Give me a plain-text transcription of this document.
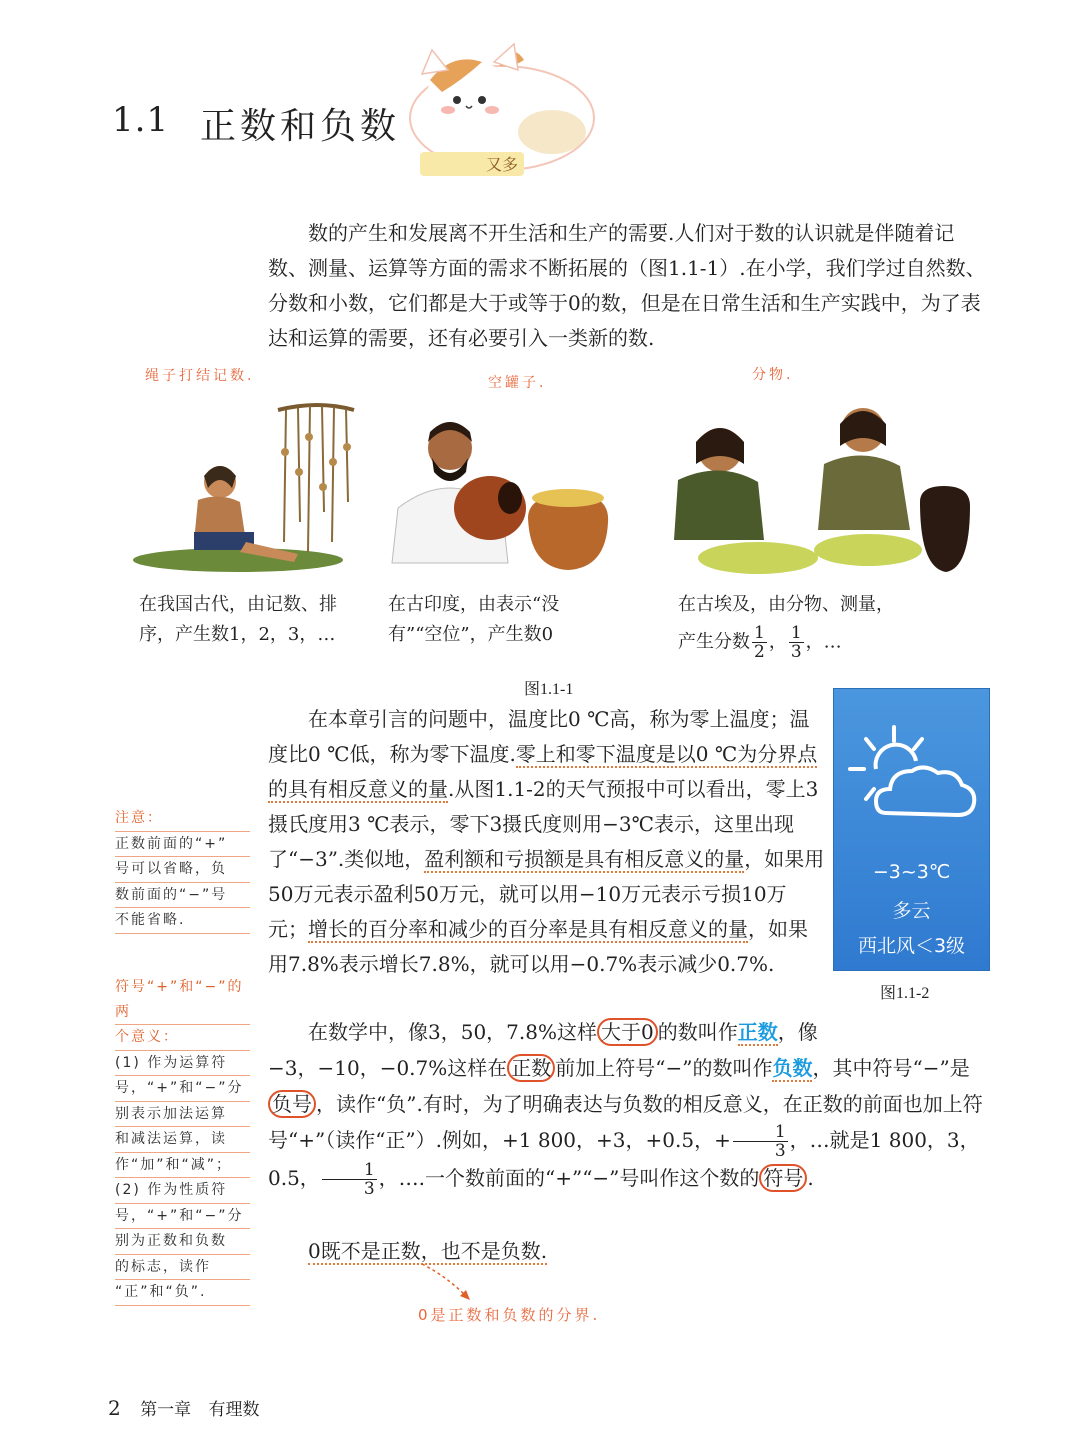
1.1 正数和负数
又多

数的产生和发展离不开生活和生产的需要.人们对于数的认识就是伴随着记数、测量、运算等方面的需求不断拓展的（图1.1-1）.在小学，我们学过自然数、分数和小数，它们都是大于或等于0的数，但是在日常生活和生产实践中，为了表达和运算的需要，还有必要引入一类新的数.

绳子打结记数.	空罐子.	分物.
在我国古代，由记数、排
序，产生数1，2，3，…
在古印度，由表示“没
有”“空位”，产生数0
在古埃及，由分物、测量，
产生分数 $\frac{1}{2}$ ， $\frac{1}{3}$ ，…
图1.1-1
−3~3℃
多云
西北风＜3级
图1.1-2
注意：
正数前面的“+”
号可以省略，负
数前面的“−”号
不能省略.
符号“+”和“−”的两
个意义：
(1) 作为运算符
号，“+”和“−”分
别表示加法运算
和减法运算，读
作“加”和“减”；
(2) 作为性质符
号，“+”和“−”分
别为正数和负数
的标志，读作
“正”和“负”.

在本章引言的问题中，温度比0 ℃高，称为零上温度；温度比0 ℃低，称为零下温度.零上和零下温度是以0 ℃为分界点的具有相反意义的量.从图1.1-2的天气预报中可以看出，零上3摄氏度用3 ℃表示，零下3摄氏度则用−3℃表示，这里出现了“−3”.类似地，盈利额和亏损额是具有相反意义的量，如果用50万元表示盈利50万元，就可以用−10万元表示亏损10万元；增长的百分率和减少的百分率是具有相反意义的量，如果用7.8%表示增长7.8%，就可以用−0.7%表示减少0.7%.

在数学中，像3，50，7.8%这样 大于0 的数叫作正数，像−3，−10，−0.7%这样在 正数 前加上符号“−”的数叫作负数，其中符号“−”是负号 ，读作“负”.有时，为了明确表达与负数的相反意义，在正数的前面也加上符号“+”（读作“正”）.例如，+1 800，+3，+0.5，+ $\frac{1}{3}$ ，…就是1 800，3，0.5， $\frac{1}{3}$ ，….一个数前面的“+”“−”号叫作这个数的 符号 .

0既不是正数，也不是负数.

0是正数和负数的分界.
2 第一章 有理数
